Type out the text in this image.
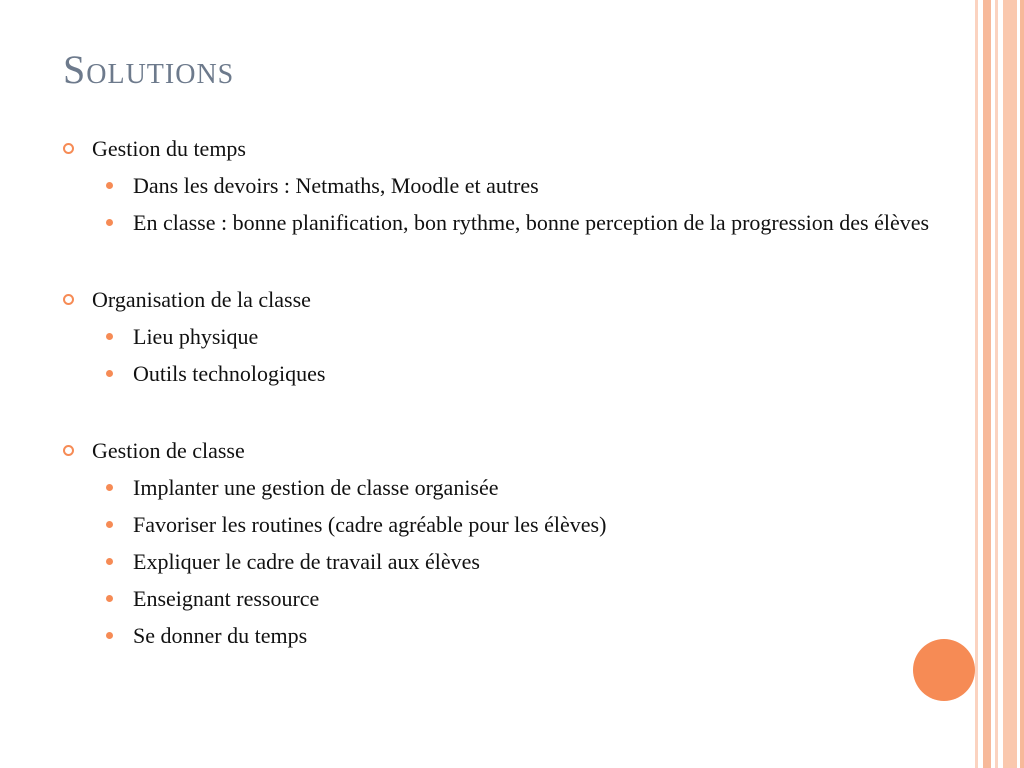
Solutions
Gestion du temps
Dans les devoirs : Netmaths, Moodle et autres
En classe : bonne planification, bon rythme, bonne perception de la progression des élèves
Organisation de la classe
Lieu physique
Outils technologiques
Gestion de classe
Implanter une gestion de classe organisée
Favoriser les routines (cadre agréable pour les élèves)
Expliquer le cadre de travail aux élèves
Enseignant ressource
Se donner du temps
